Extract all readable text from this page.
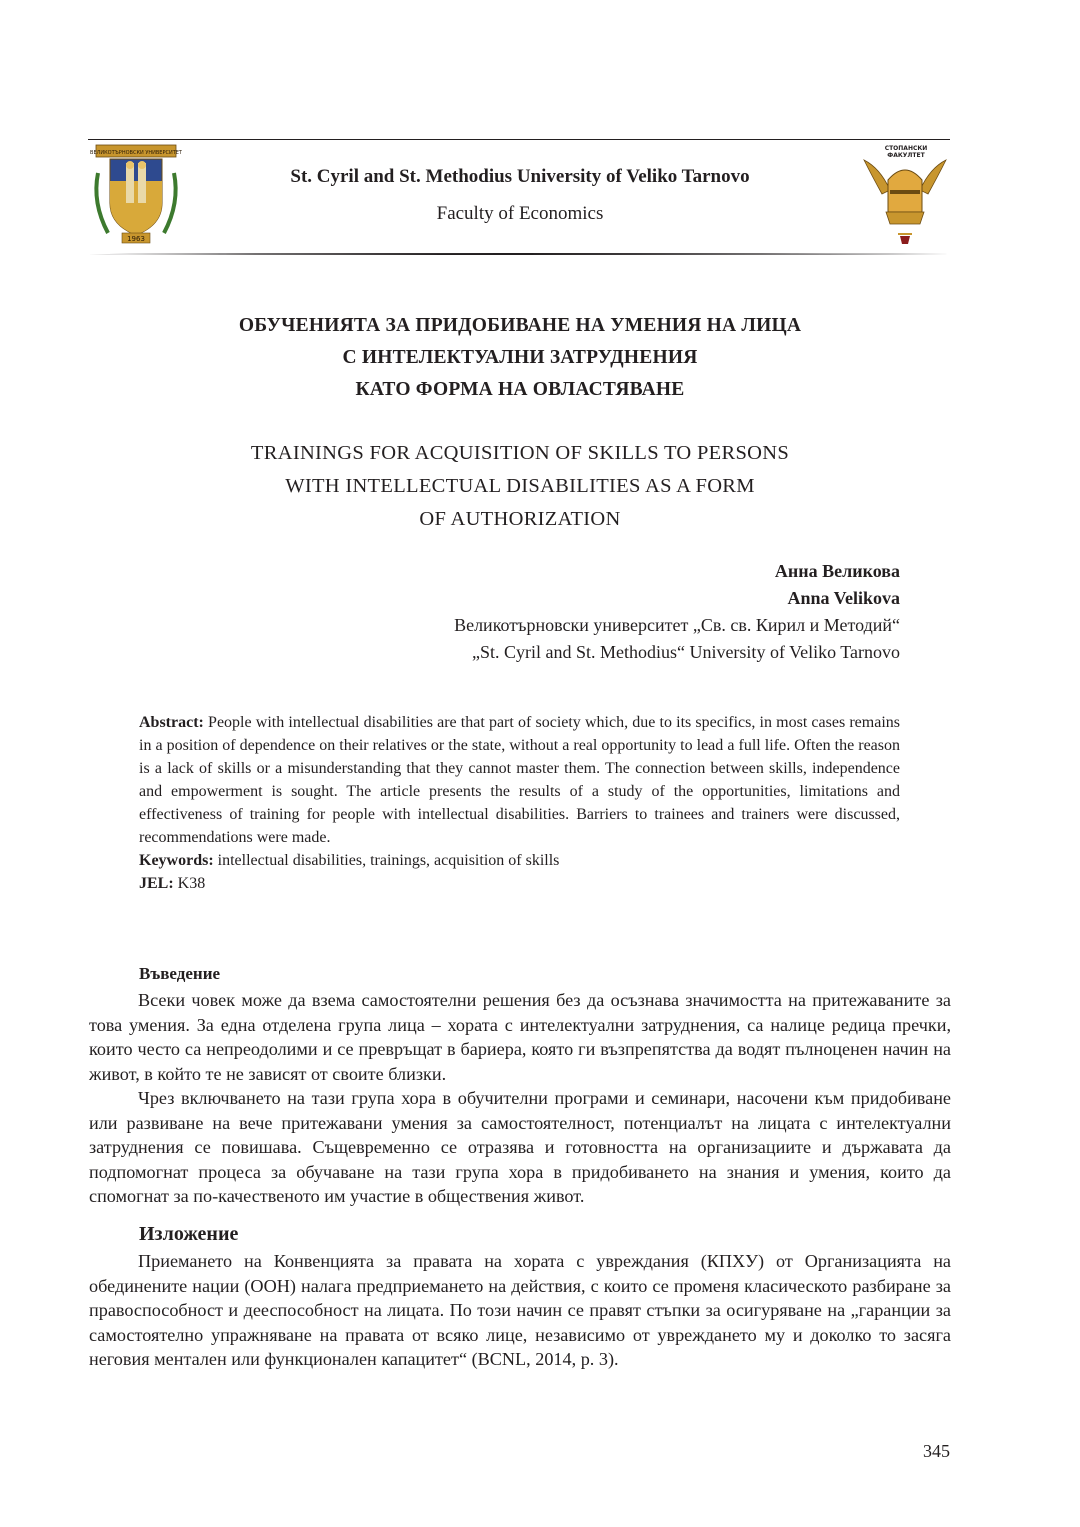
ВЕЛИКОТЪРНОВСКИ УНИВЕРСИТЕТ
1963
St. Cyril and St. Methodius University of Veliko Tarnovo
Faculty of Economics
СТОПАНСКИ
ФАКУЛТЕТ
ОБУЧЕНИЯТА ЗА ПРИДОБИВАНЕ НА УМЕНИЯ НА ЛИЦА
С ИНТЕЛЕКТУАЛНИ ЗАТРУДНЕНИЯ
КАТО ФОРМА НА ОВЛАСТЯВАНЕ
TRAININGS FOR ACQUISITION OF SKILLS TO PERSONS
WITH INTELLECTUAL DISABILITIES AS A FORM
OF AUTHORIZATION
Анна Великова
Anna Velikova
Великотърновски университет „Св. св. Кирил и Методий“
„St. Cyril and St. Methodius“ University of Veliko Tarnovo

Abstract: People with intellectual disabilities are that part of society which, due to its specifics, in most cases remains in a position of dependence on their relatives or the state, without a real opportunity to lead a full life. Often the reason is a lack of skills or a misunderstanding that they cannot master them. The connection between skills, independence and empowerment is sought. The article presents the results of a study of the opportunities, limitations and effectiveness of training for people with intellectual disabilities. Barriers to trainees and trainers were discussed, recommendations were made.

Keywords: intellectual disabilities, trainings, acquisition of skills

JEL: K38

Въведение

Всеки човек може да взема самостоятелни решения без да осъзнава значимостта на притежаваните за това умения. За една отделена група лица – хората с интелектуални затруднения, са налице редица пречки, които често са непреодолими и се превръщат в бариера, която ги възпрепятства да водят пълноценен начин на живот, в който те не зависят от своите близки.

Чрез включването на тази група хора в обучителни програми и семинари, насочени към придобиване или развиване на вече притежавани умения за самостоятелност, потенциалът на лицата с интелектуални затруднения се повишава. Същевременно се отразява и готовността на организациите и държавата да подпомогнат процеса за обучаване на тази група хора в придобиването на знания и умения, които да спомогнат за по-качественото им участие в обществения живот.

Изложение

Приемането на Конвенцията за правата на хората с увреждания (КПХУ) от Организацията на обединените нации (ООН) налага предприемането на действия, с които се променя класическото разбиране за правоспособност и дееспособност на лицата. По този начин се правят стъпки за осигуряване на „гаранции за самостоятелно упражняване на правата от всяко лице, независимо от увреждането му и доколко то засяга неговия ментален или функционален капацитет“ (BCNL, 2014, p. 3).

345
